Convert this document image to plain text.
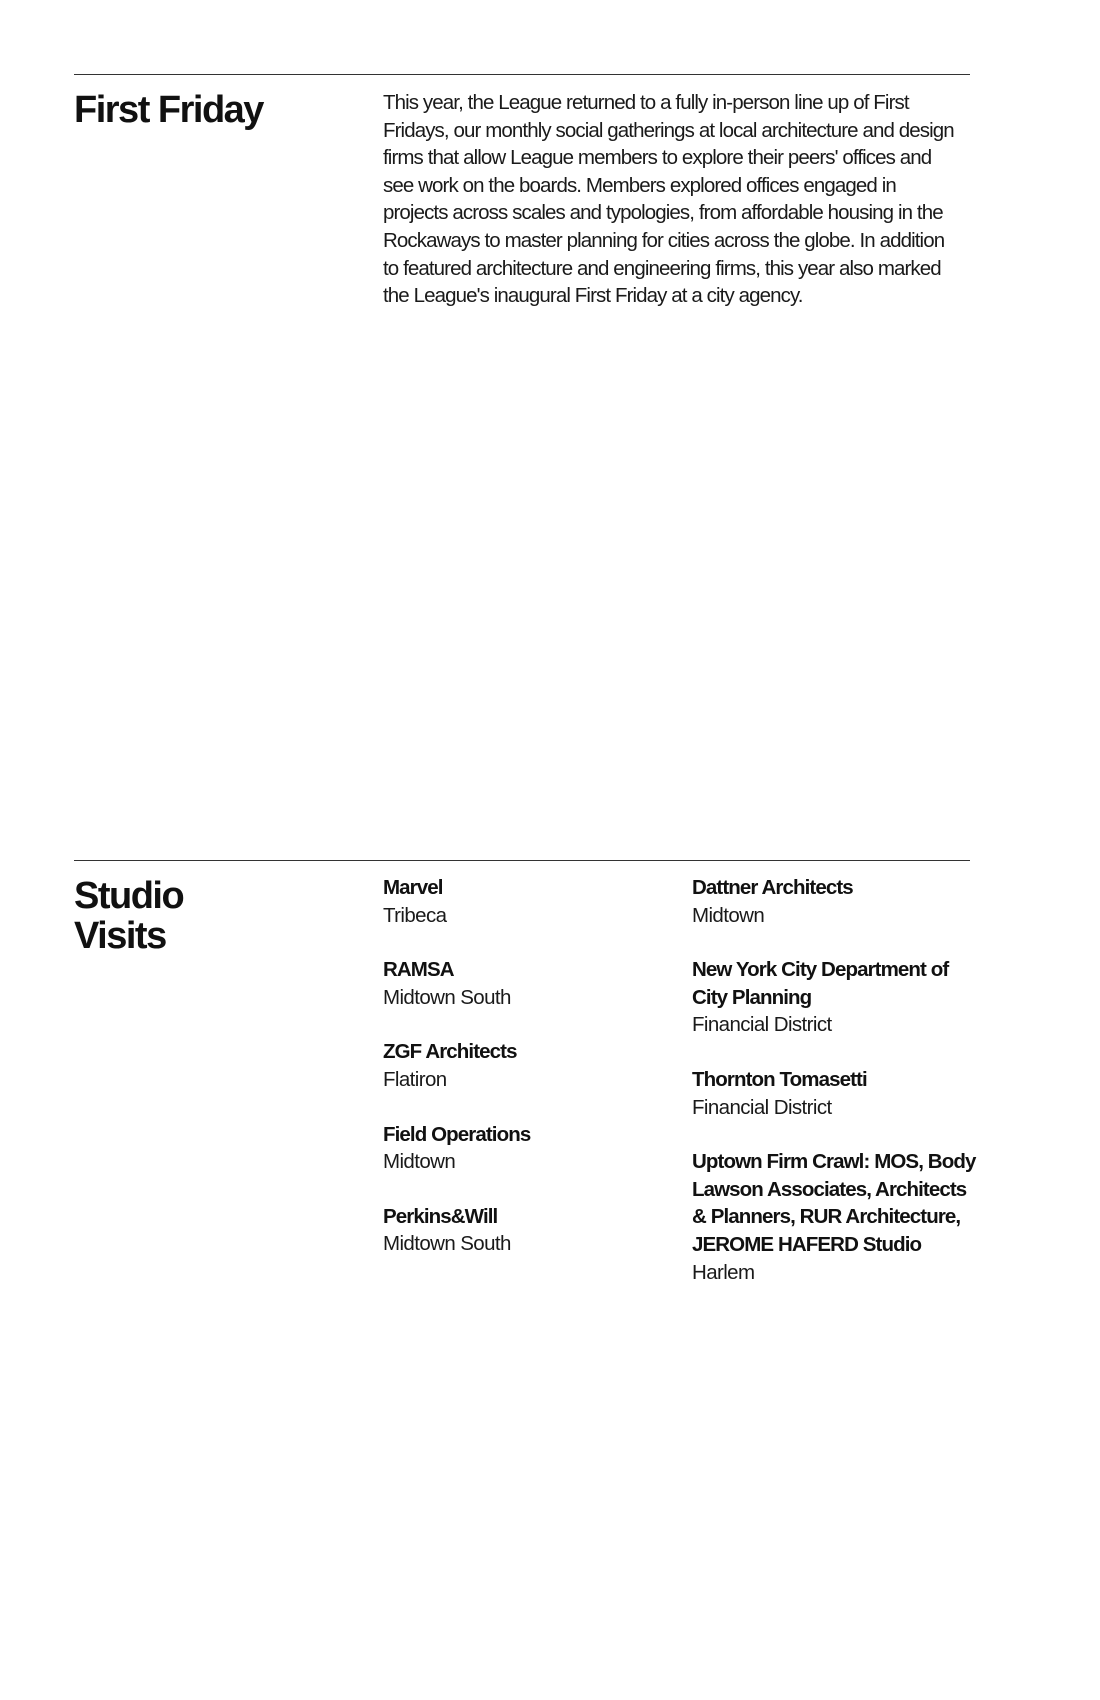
First Friday	This year, the League returned to a fully in-person line up of First Fridays, our monthly social gatherings at local architecture and design firms that allow League members to explore their peers' offices and see work on the boards. Members explored offices engaged in projects across scales and typologies, from affordable housing in the Rockaways to master planning for cities across the globe. In addition to featured architecture and engineering firms, this year also marked the League's inaugural First Friday at a city agency.

Studio
Visits
Marvel
Tribeca
RAMSA
Midtown South
ZGF Architects
Flatiron
Field Operations
Midtown
Perkins&Will
Midtown South
Dattner Architects
Midtown
New York City Department of City Planning
Financial District
Thornton Tomasetti
Financial District
Uptown Firm Crawl: MOS, Body Lawson Associates, Architects & Planners, RUR Architecture, JEROME HAFERD Studio
Harlem
